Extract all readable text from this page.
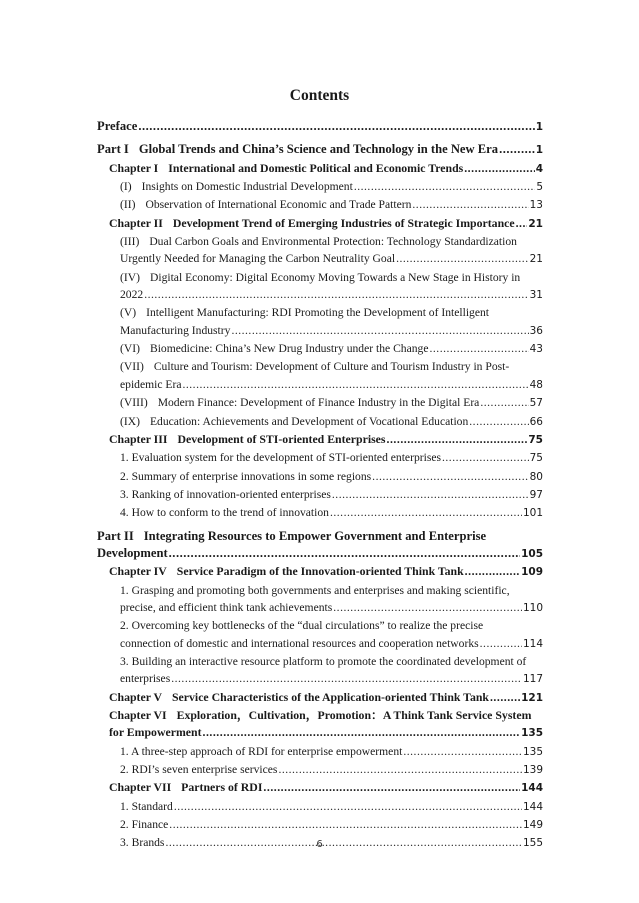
Contents
Preface .....	1
Part I Global Trends and China’s Science and Technology in the New Era .....	1
Chapter I International and Domestic Political and Economic Trends .....	4
(I) Insights on Domestic Industrial Development .....	5
(II) Observation of International Economic and Trade Pattern .....	13
Chapter II Development Trend of Emerging Industries of Strategic Importance ..... 21
(III) Dual Carbon Goals and Environmental Protection: Technology Standardization
Urgently Needed for Managing the Carbon Neutrality Goal .....	21
(IV) Digital Economy: Digital Economy Moving Towards a New Stage in History in
2022 .....	31
(V) Intelligent Manufacturing: RDI Promoting the Development of Intelligent
Manufacturing Industry .....	36
(VI) Biomedicine: China’s New Drug Industry under the Change .....	43
(VII) Culture and Tourism: Development of Culture and Tourism Industry in Post-
epidemic Era .....	48
(VIII) Modern Finance: Development of Finance Industry in the Digital Era .....	57
(IX) Education: Achievements and Development of Vocational Education .....	66
Chapter III Development of STI-oriented Enterprises .....	75
1. Evaluation system for the development of STI-oriented enterprises .....	75
2. Summary of enterprise innovations in some regions .....	80
3. Ranking of innovation-oriented enterprises .....	97
4. How to conform to the trend of innovation .....	101
Part II Integrating Resources to Empower Government and Enterprise
Development .....	105
Chapter IV Service Paradigm of the Innovation-oriented Think Tank .....	109
1. Grasping and promoting both governments and enterprises and making scientific,
precise, and efficient think tank achievements .....	110
2. Overcoming key bottlenecks of the “dual circulations” to realize the precise
connection of domestic and international resources and cooperation networks .....	114
3. Building an interactive resource platform to promote the coordinated development of
enterprises .....	117
Chapter V Service Characteristics of the Application-oriented Think Tank .....	121
Chapter VI Exploration，Cultivation，Promotion：A Think Tank Service System
for Empowerment .....	135
1. A three-step approach of RDI for enterprise empowerment .....	135
2. RDI’s seven enterprise services .....	139
Chapter VII Partners of RDI .....	144
1. Standard .....	144
2. Finance .....	149
3. Brands .....	155
6
